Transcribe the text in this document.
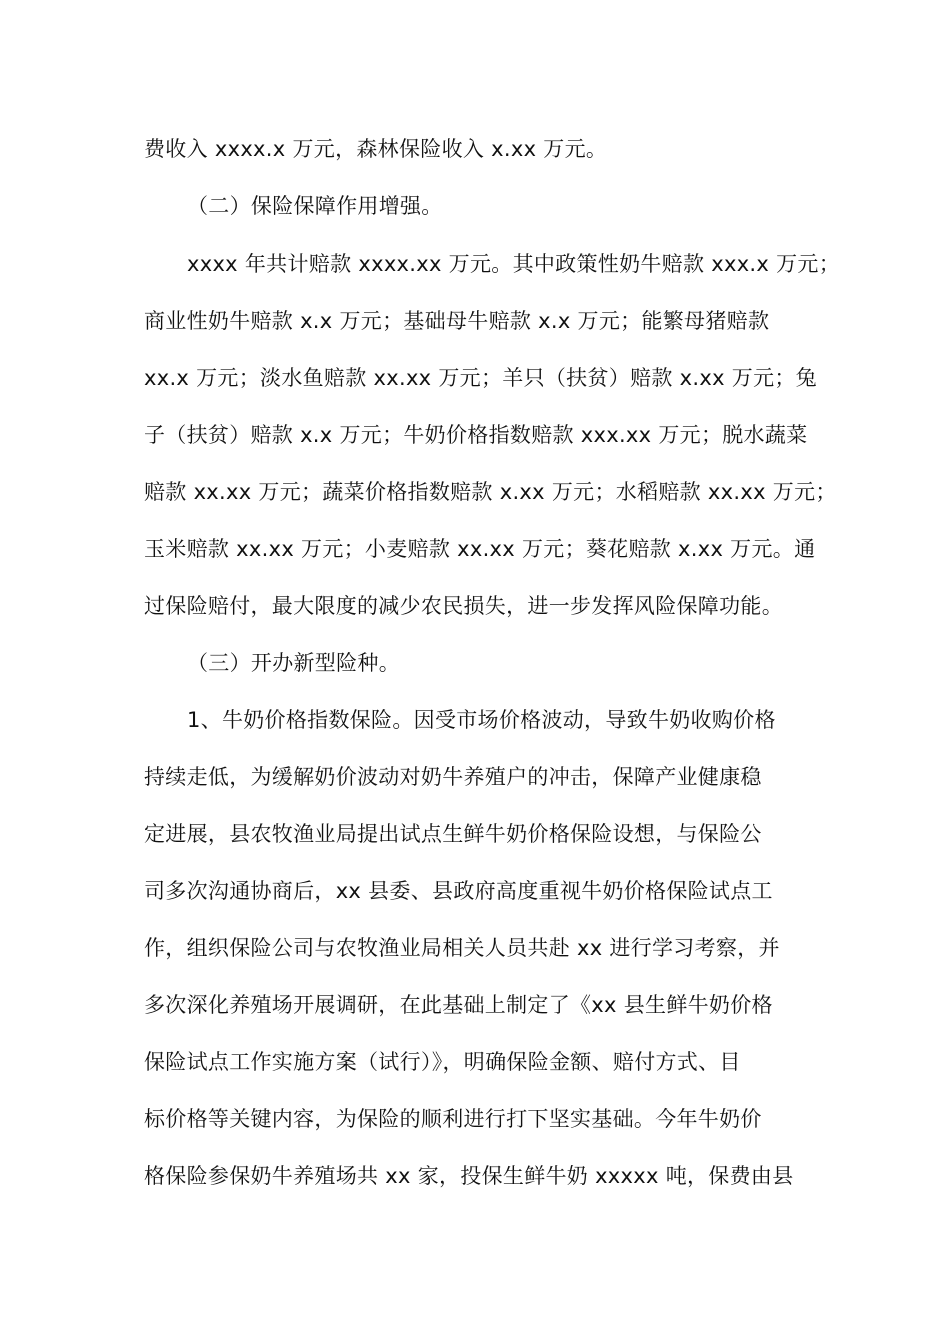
费收入 xxxx.x 万元，森林保险收入 x.xx 万元。
（二）保险保障作用增强。
xxxx 年共计赔款 xxxx.xx 万元。其中政策性奶牛赔款 xxx.x 万元；
商业性奶牛赔款 x.x 万元；基础母牛赔款 x.x 万元；能繁母猪赔款
xx.x 万元；淡水鱼赔款 xx.xx 万元；羊只（扶贫）赔款 x.xx 万元；兔
子（扶贫）赔款 x.x 万元；牛奶价格指数赔款 xxx.xx 万元；脱水蔬菜
赔款 xx.xx 万元；蔬菜价格指数赔款 x.xx 万元；水稻赔款 xx.xx 万元；
玉米赔款 xx.xx 万元；小麦赔款 xx.xx 万元；葵花赔款 x.xx 万元。通
过保险赔付，最大限度的减少农民损失，进一步发挥风险保障功能。
（三）开办新型险种。
1、牛奶价格指数保险。因受市场价格波动，导致牛奶收购价格
持续走低，为缓解奶价波动对奶牛养殖户的冲击，保障产业健康稳
定进展，县农牧渔业局提出试点生鲜牛奶价格保险设想，与保险公
司多次沟通协商后，xx 县委、县政府高度重视牛奶价格保险试点工
作，组织保险公司与农牧渔业局相关人员共赴 xx 进行学习考察，并
多次深化养殖场开展调研，在此基础上制定了《xx 县生鲜牛奶价格
保险试点工作实施方案（试行）》，明确保险金额、赔付方式、目
标价格等关键内容，为保险的顺利进行打下坚实基础。今年牛奶价
格保险参保奶牛养殖场共 xx 家，投保生鲜牛奶 xxxxx 吨，保费由县
